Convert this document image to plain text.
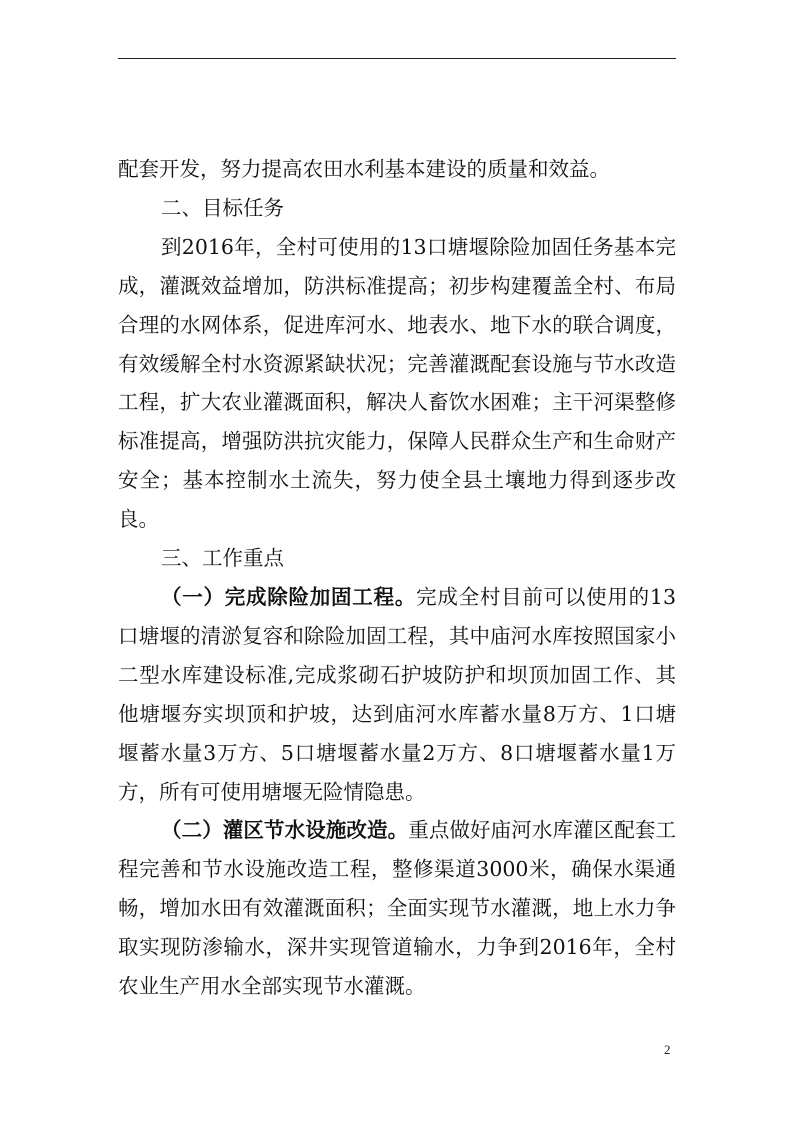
配套开发，努力提高农田水利基本建设的质量和效益。

二、目标任务

到2016年，全村可使用的13口塘堰除险加固任务基本完成，灌溉效益增加，防洪标准提高；初步构建覆盖全村、布局合理的水网体系，促进库河水、地表水、地下水的联合调度，有效缓解全村水资源紧缺状况；完善灌溉配套设施与节水改造工程，扩大农业灌溉面积，解决人畜饮水困难；主干河渠整修标准提高，增强防洪抗灾能力，保障人民群众生产和生命财产安全；基本控制水土流失，努力使全县土壤地力得到逐步改良。

三、工作重点

（一）完成除险加固工程。完成全村目前可以使用的13口塘堰的清淤复容和除险加固工程，其中庙河水库按照国家小二型水库建设标准,完成浆砌石护坡防护和坝顶加固工作、其他塘堰夯实坝顶和护坡，达到庙河水库蓄水量8万方、1口塘堰蓄水量3万方、5口塘堰蓄水量2万方、8口塘堰蓄水量1万方，所有可使用塘堰无险情隐患。

（二）灌区节水设施改造。重点做好庙河水库灌区配套工程完善和节水设施改造工程，整修渠道3000米，确保水渠通畅，增加水田有效灌溉面积；全面实现节水灌溉，地上水力争取实现防渗输水，深井实现管道输水，力争到2016年，全村农业生产用水全部实现节水灌溉。

2
